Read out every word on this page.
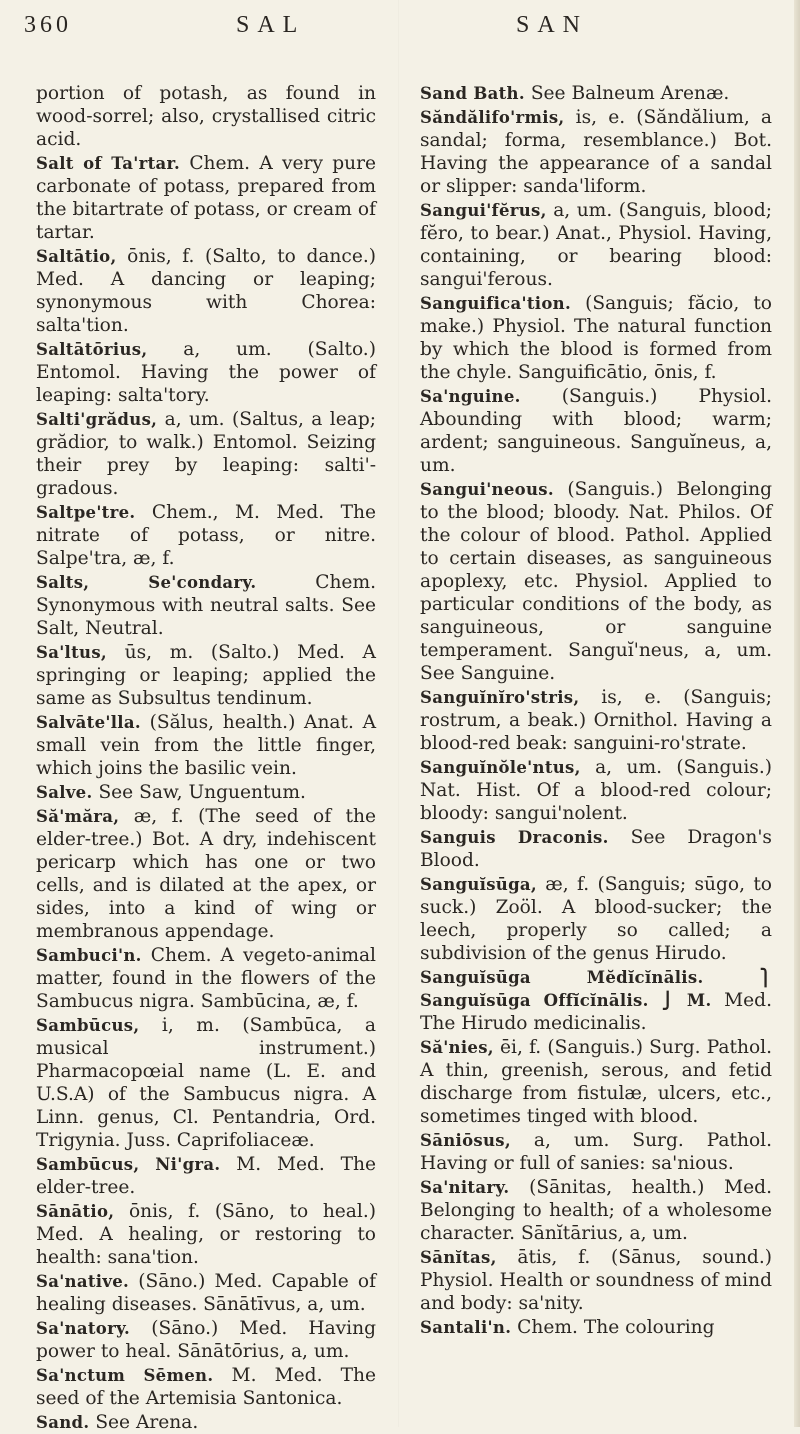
360	SAL	SAN

portion of potash, as found in wood-sorrel; also, crystallised citric acid.

Salt of Ta'rtar. Chem. A very pure carbonate of potass, prepared from the bitartrate of potass, or cream of tartar.

Saltātio, ōnis, f. (Salto, to dance.) Med. A dancing or leaping; synonymous with Chorea: salta'tion.

Saltātōrius, a, um. (Salto.) Entomol. Having the power of leaping: salta'tory.

Salti'grădus, a, um. (Saltus, a leap; grădior, to walk.) Entomol. Seizing their prey by leaping: salti'-gradous.

Saltpe'tre. Chem., M. Med. The nitrate of potass, or nitre. Salpe'tra, æ, f.

Salts, Se'condary.	Chem. Synonymous with neutral salts. See Salt, Neutral.

Sa'ltus, ūs, m. (Salto.) Med. A springing or leaping; applied the same as Subsultus tendinum.

Salvāte'lla. (Sălus, health.) Anat. A small vein from the little finger, which joins the basilic vein.

Salve. See Saw, Unguentum.

Să'măra, æ, f. (The seed of the elder-tree.) Bot. A dry, indehiscent pericarp which has one or two cells, and is dilated at the apex, or sides, into a kind of wing or membranous appendage.

Sambuci'n. Chem. A vegeto-animal matter, found in the flowers of the Sambucus nigra. Sambūcina, æ, f.

Sambūcus, i, m. (Sambūca, a musical instrument.) Pharmacopœial name (L. E. and U.S.A) of the Sambucus nigra. A Linn. genus, Cl. Pentandria, Ord. Trigynia. Juss. Caprifoliaceæ.

Sambūcus, Ni'gra. M. Med. The elder-tree.

Sānātio, ōnis, f. (Sāno, to heal.) Med. A healing, or restoring to health: sana'tion.

Sa'native. (Sāno.) Med. Capable of healing diseases. Sānātīvus, a, um.

Sa'natory. (Sāno.) Med. Having power to heal. Sānātōrius, a, um.

Sa'nctum Sēmen. M. Med. The seed of the Artemisia Santonica.

Sand. See Arena.

Sand Bath. See Balneum Arenæ.

Săndălifo'rmis, is, e. (Săndălium, a sandal; forma, resemblance.) Bot. Having the appearance of a sandal or slipper: sanda'liform.

Sangui'fĕrus, a, um. (Sanguis, blood; fĕro, to bear.) Anat., Physiol. Having, containing, or bearing blood: sangui'ferous.

Sanguifica'tion. (Sanguis; făcio, to make.) Physiol. The natural function by which the blood is formed from the chyle. Sanguificātio, ōnis, f.

Sa'nguine. (Sanguis.) Physiol. Abounding with blood; warm; ardent; sanguineous. Sanguĭneus, a, um.

Sangui'neous. (Sanguis.) Belonging to the blood; bloody. Nat. Philos. Of the colour of blood. Pathol. Applied to certain diseases, as sanguineous apoplexy, etc. Physiol. Applied to particular conditions of the body, as sanguineous, or sanguine temperament. Sanguĭ'neus, a, um. See Sanguine.

Sanguĭnĭro'stris, is, e. (Sanguis; rostrum, a beak.) Ornithol. Having a blood-red beak: sanguini-ro'strate.

Sanguĭnŏle'ntus, a, um. (Sanguis.) Nat. Hist. Of a blood-red colour; bloody: sangui'nolent.

Sanguis Draconis. See Dragon's Blood.

Sanguĭsūga, æ, f. (Sanguis; sūgo, to suck.) Zoöl. A blood-sucker; the leech, properly so called; a subdivision of the genus Hirudo.

Sanguĭsūga Mĕdĭcĭnālis. ⎫ Sanguĭsūga Offĭcĭnālis. ⎭ M. Med. The Hirudo medicinalis.

Să'nies, ēi, f. (Sanguis.) Surg. Pathol. A thin, greenish, serous, and fetid discharge from fistulæ, ulcers, etc., sometimes tinged with blood.

Sāniōsus, a, um. Surg. Pathol. Having or full of sanies: sa'nious.

Sa'nitary. (Sānitas, health.) Med. Belonging to health; of a wholesome character. Sānĭtārius, a, um.

Sānĭtas, ātis, f. (Sānus, sound.) Physiol. Health or soundness of mind and body: sa'nity.

Santali'n. Chem. The colouring
